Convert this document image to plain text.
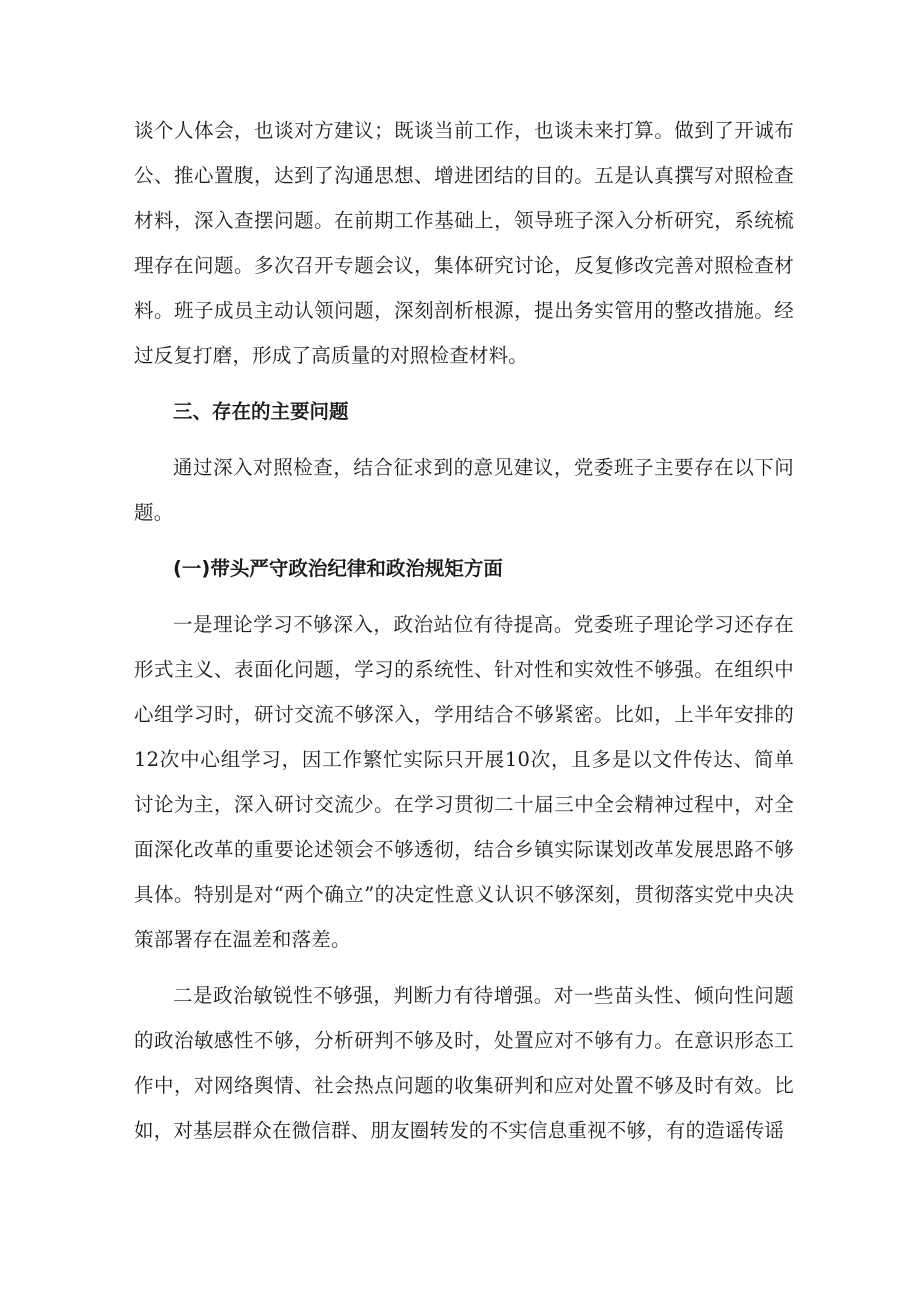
谈个人体会，也谈对方建议；既谈当前工作，也谈未来打算。做到了开诚布公、推心置腹，达到了沟通思想、增进团结的目的。五是认真撰写对照检查材料，深入查摆问题。在前期工作基础上，领导班子深入分析研究，系统梳理存在问题。多次召开专题会议，集体研究讨论，反复修改完善对照检查材料。班子成员主动认领问题，深刻剖析根源，提出务实管用的整改措施。经过反复打磨，形成了高质量的对照检查材料。

三、存在的主要问题

通过深入对照检查，结合征求到的意见建议，党委班子主要存在以下问题。

(一)带头严守政治纪律和政治规矩方面

一是理论学习不够深入，政治站位有待提高。党委班子理论学习还存在形式主义、表面化问题，学习的系统性、针对性和实效性不够强。在组织中心组学习时，研讨交流不够深入，学用结合不够紧密。比如，上半年安排的12次中心组学习，因工作繁忙实际只开展10次，且多是以文件传达、简单讨论为主，深入研讨交流少。在学习贯彻二十届三中全会精神过程中，对全面深化改革的重要论述领会不够透彻，结合乡镇实际谋划改革发展思路不够具体。特别是对“两个确立”的决定性意义认识不够深刻，贯彻落实党中央决策部署存在温差和落差。

二是政治敏锐性不够强，判断力有待增强。对一些苗头性、倾向性问题的政治敏感性不够，分析研判不够及时，处置应对不够有力。在意识形态工作中，对网络舆情、社会热点问题的收集研判和应对处置不够及时有效。比如，对基层群众在微信群、朋友圈转发的不实信息重视不够，有的造谣传谣
